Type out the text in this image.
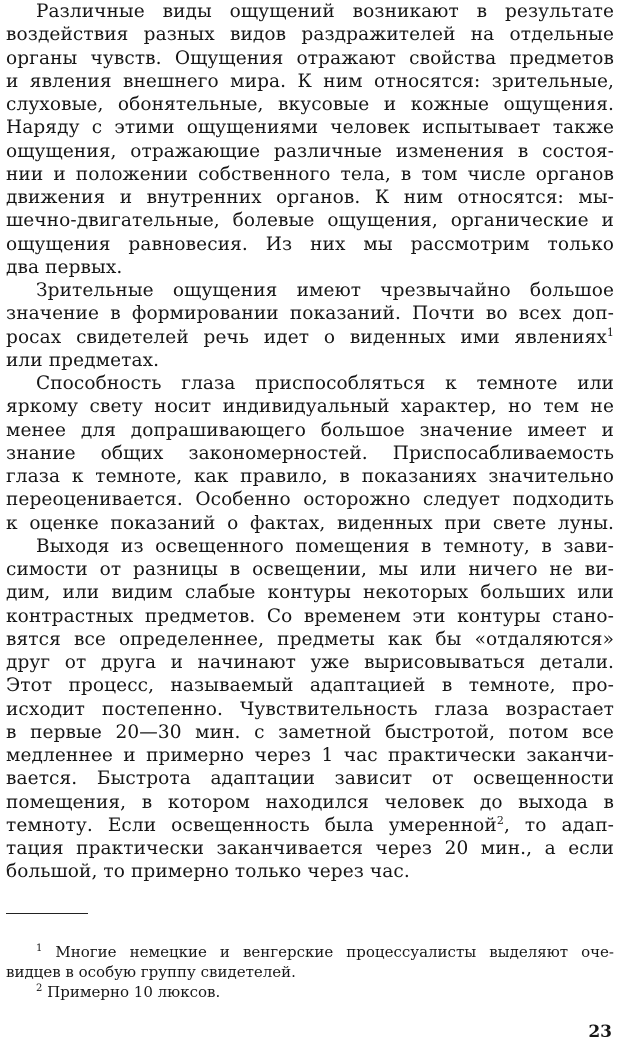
Различные виды ощущений возникают в результате
воздействия разных видов раздражителей на отдельные
органы чувств. Ощущения отражают свойства предметов
и явления внешнего мира. К ним относятся: зрительные,
слуховые, обонятельные, вкусовые и кожные ощущения.
Наряду с этими ощущениями человек испытывает также
ощущения, отражающие различные изменения в состоя-
нии и положении собственного тела, в том числе органов
движения и внутренних органов. К ним относятся: мы-
шечно-двигательные, болевые ощущения, органические и
ощущения равновесия. Из них мы рассмотрим только
два первых.
Зрительные ощущения имеют чрезвычайно большое
значение в формировании показаний. Почти во всех доп-
росах свидетелей речь идет о виденных ими явлениях$^1$
или предметах.
Способность глаза приспособляться к темноте или
яркому свету носит индивидуальный характер, но тем не
менее для допрашивающего большое значение имеет и
знание общих закономерностей. Приспосабливаемость
глаза к темноте, как правило, в показаниях значительно
переоценивается. Особенно осторожно следует подходить
к оценке показаний о фактах, виденных при свете луны.
Выходя из освещенного помещения в темноту, в зави-
симости от разницы в освещении, мы или ничего не ви-
дим, или видим слабые контуры некоторых больших или
контрастных предметов. Со временем эти контуры стано-
вятся все определеннее, предметы как бы «отдаляются»
друг от друга и начинают уже вырисовываться детали.
Этот процесс, называемый адаптацией в темноте, про-
исходит постепенно. Чувствительность глаза возрастает
в первые 20—30 мин. с заметной быстротой, потом все
медленнее и примерно через 1 час практически заканчи-
вается. Быстрота адаптации зависит от освещенности
помещения, в котором находился человек до выхода в
темноту. Если освещенность была умеренной$^2$, то адап-
тация практически заканчивается через 20 мин., а если
большой, то примерно только через час.
$^1$ Многие немецкие и венгерские процессуалисты выделяют оче-
видцев в особую группу свидетелей.
$^2$ Примерно 10 люксов.
23
